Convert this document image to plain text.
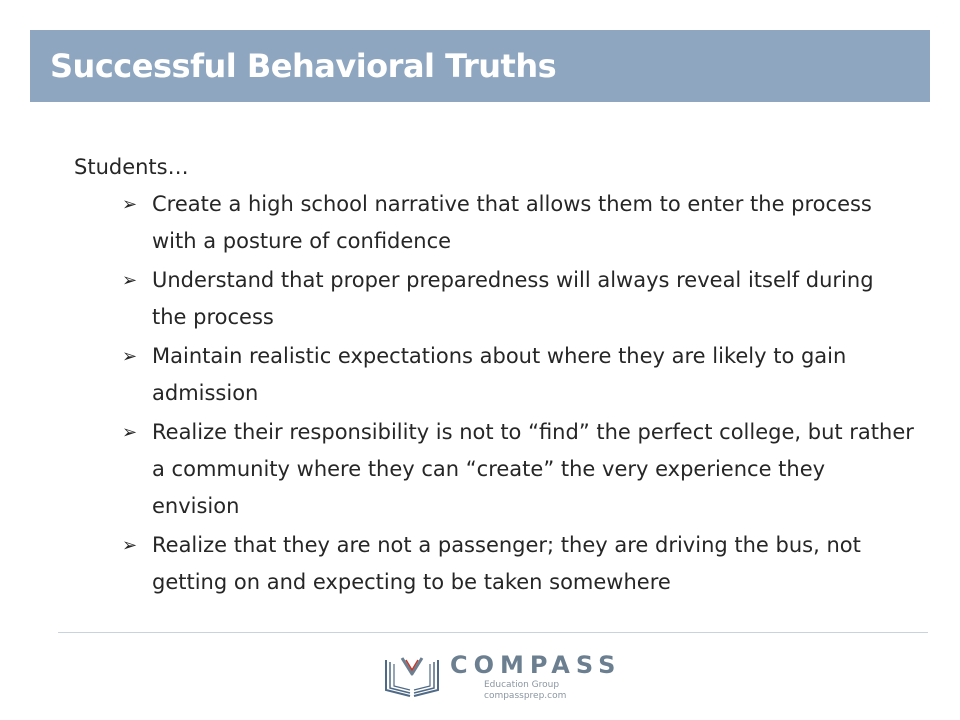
Successful Behavioral Truths
Students…
➢ Create a high school narrative that allows them to enter the process with a posture of confidence
➢ Understand that proper preparedness will always reveal itself during the process
➢ Maintain realistic expectations about where they are likely to gain admission
➢ Realize their responsibility is not to “find” the perfect college, but rather a community where they can “create” the very experience they envision
➢ Realize that they are not a passenger; they are driving the bus, not getting on and expecting to be taken somewhere
COMPASS
Education Group
compassprep.com
